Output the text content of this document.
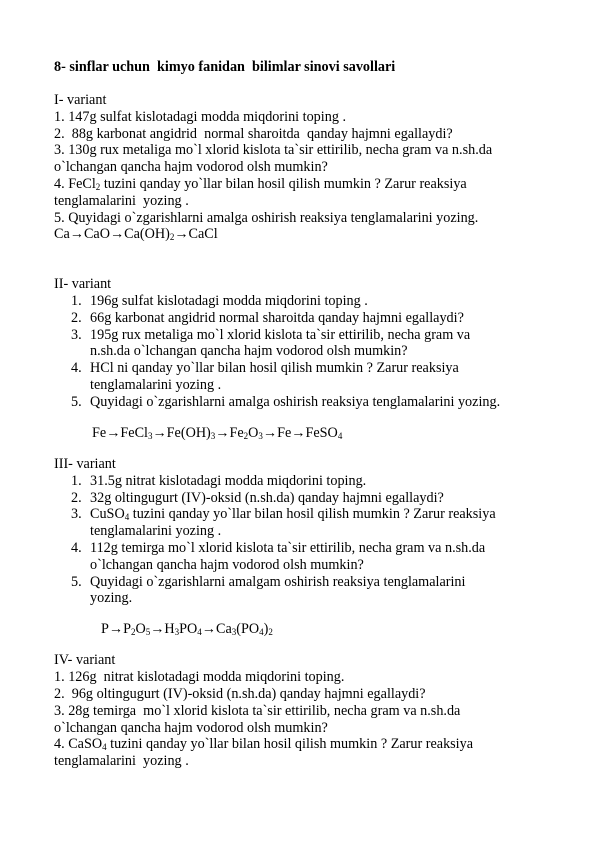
8- sinflar uchun  kimyo fanidan  bilimlar sinovi savollari

I- variant

1. 147g sulfat kislotadagi modda miqdorini toping .

2.  88g karbonat angidrid  normal sharoitda  qanday hajmni egallaydi?

3. 130g rux metaliga mo`l xlorid kislota ta`sir ettirilib, necha gram va n.sh.da

o`lchangan qancha hajm vodorod olsh mumkin?

4. FeCl$_2$ tuzini qanday yo`llar bilan hosil qilish mumkin ? Zarur reaksiya

tenglamalarini  yozing .

5. Quyidagi o`zgarishlarni amalga oshirish reaksiya tenglamalarini yozing.

$Ca\to CaO\to Ca(OH)_2\to CaCl$

II- variant

1. 196g sulfat kislotadagi modda miqdorini toping .
2. 66g karbonat angidrid normal sharoitda qanday hajmni egallaydi?
3. 195g rux metaliga mo`l xlorid kislota ta`sir ettirilib, necha gram va
n.sh.da o`lchangan qancha hajm vodorod olsh mumkin?
4. HCl ni qanday yo`llar bilan hosil qilish mumkin ? Zarur reaksiya
tenglamalarini yozing .
5. Quyidagi o`zgarishlarni amalga oshirish reaksiya tenglamalarini yozing.

$Fe\to FeCl_3\to Fe(OH)_3\to Fe_2O_3\to Fe\to FeSO_4$

III- variant

1. 31.5g nitrat kislotadagi modda miqdorini toping.
2. 32g oltingugurt (IV)-oksid (n.sh.da) qanday hajmni egallaydi?
3. CuSO$_4$ tuzini qanday yo`llar bilan hosil qilish mumkin ? Zarur reaksiya
tenglamalarini yozing .
4. 112g temirga mo`l xlorid kislota ta`sir ettirilib, necha gram va n.sh.da
o`lchangan qancha hajm vodorod olsh mumkin?
5. Quyidagi o`zgarishlarni amalgam oshirish reaksiya tenglamalarini
yozing.

$P\to P_2O_5\to H_3PO_4\to Ca_3(PO_4)_2$

IV- variant

1. 126g  nitrat kislotadagi modda miqdorini toping.

2.  96g oltingugurt (IV)-oksid (n.sh.da) qanday hajmni egallaydi?

3. 28g temirga  mo`l xlorid kislota ta`sir ettirilib, necha gram va n.sh.da

o`lchangan qancha hajm vodorod olsh mumkin?

4. CaSO$_4$ tuzini qanday yo`llar bilan hosil qilish mumkin ? Zarur reaksiya

tenglamalarini  yozing .
